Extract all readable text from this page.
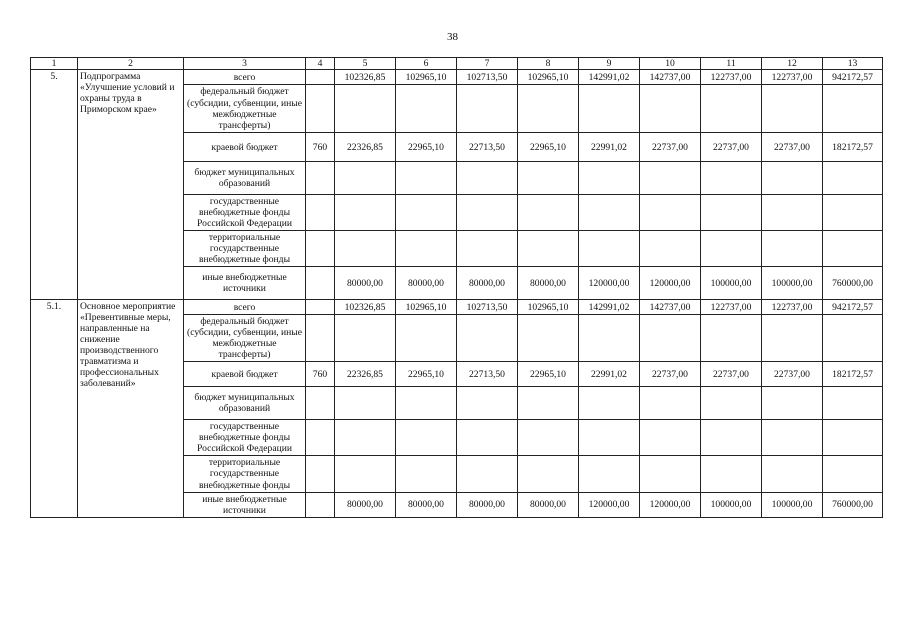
38
1	2	3	4	5	6	7	8	9	10	11	12	13
5.	Подпрограмма «Улучшение условий и охраны труда в Приморском крае»	всего		102326,85	102965,10	102713,50	102965,10	142991,02	142737,00	122737,00	122737,00	942172,57
		федеральный бюджет (субсидии, субвенции, иные межбюджетные трансферты)										
		краевой бюджет	760	22326,85	22965,10	22713,50	22965,10	22991,02	22737,00	22737,00	22737,00	182172,57
		бюджет муниципальных образований										
		государственные внебюджетные фонды Российской Федерации										
		территориальные государственные внебюджетные фонды										
		иные внебюджетные источники		80000,00	80000,00	80000,00	80000,00	120000,00	120000,00	100000,00	100000,00	760000,00
5.1.	Основное мероприятие «Превентивные меры, направленные на снижение производственного травматизма и профессиональных заболеваний»	всего		102326,85	102965,10	102713,50	102965,10	142991,02	142737,00	122737,00	122737,00	942172,57
		федеральный бюджет (субсидии, субвенции, иные межбюджетные трансферты)										
		краевой бюджет	760	22326,85	22965,10	22713,50	22965,10	22991,02	22737,00	22737,00	22737,00	182172,57
		бюджет муниципальных образований										
		государственные внебюджетные фонды Российской Федерации										
		территориальные государственные внебюджетные фонды										
		иные внебюджетные источники		80000,00	80000,00	80000,00	80000,00	120000,00	120000,00	100000,00	100000,00	760000,00
